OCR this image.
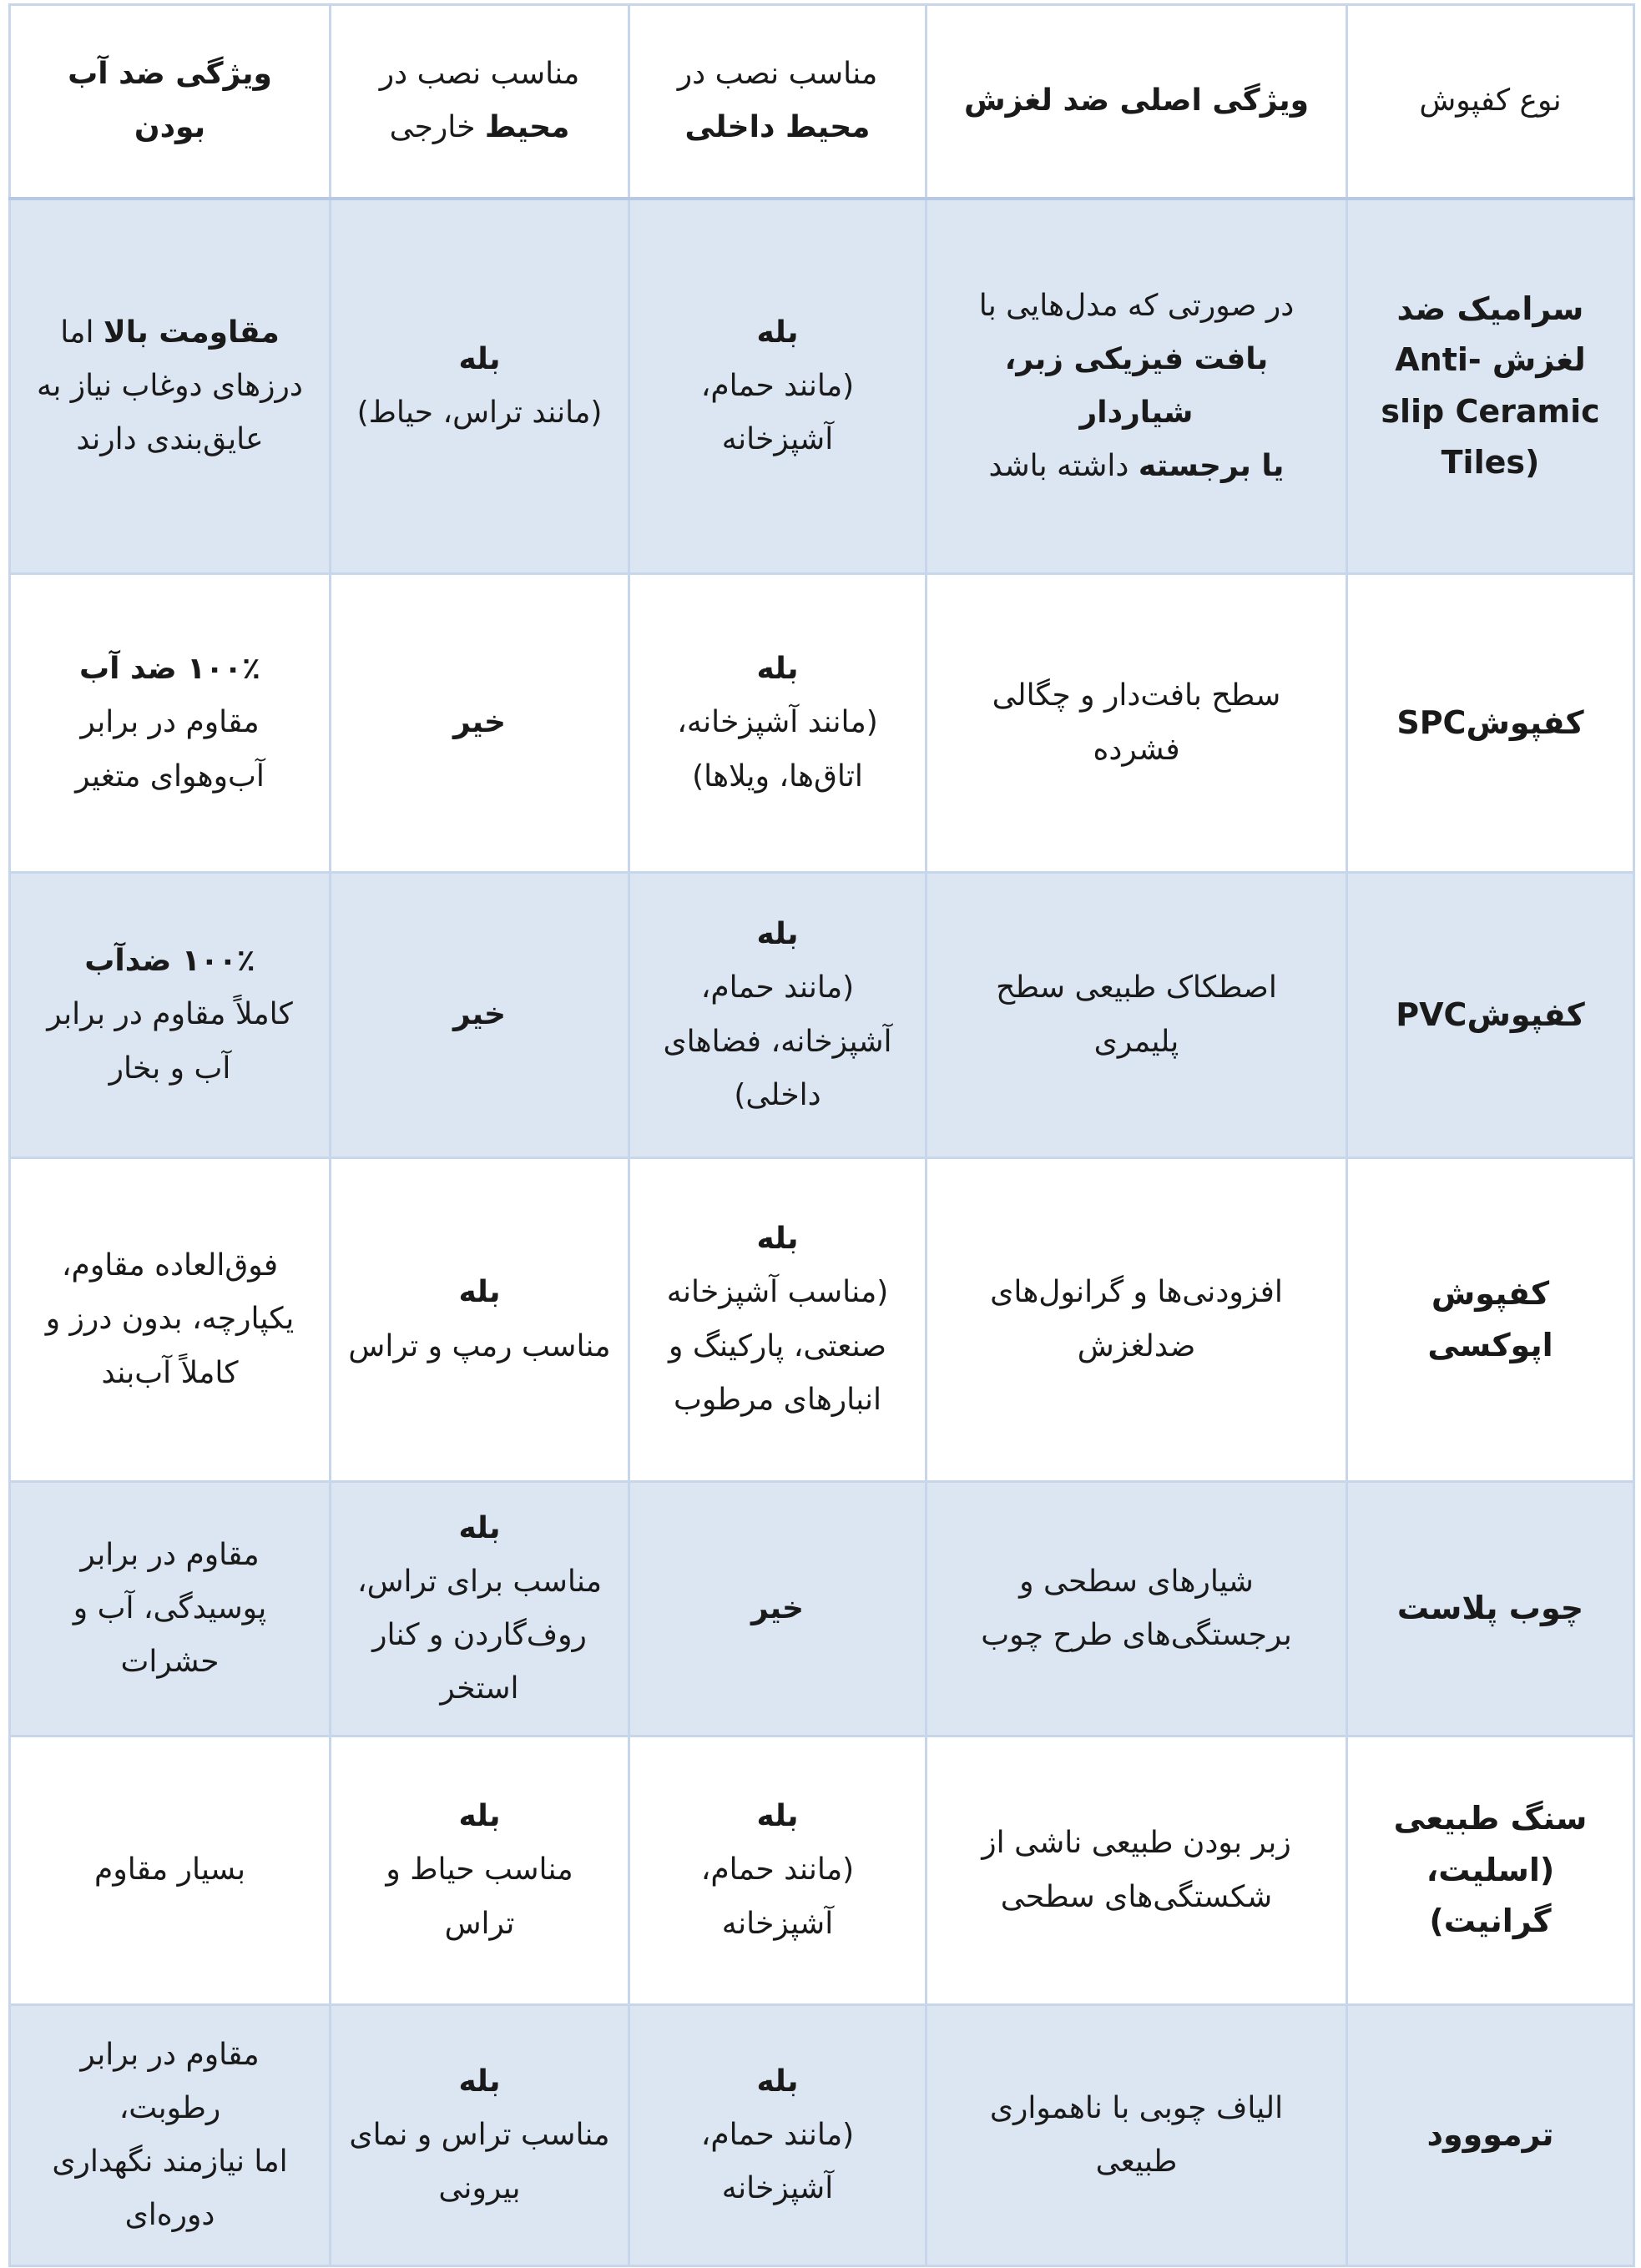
نوع کفپوش	ویژگی اصلی ضد لغزش	مناسب نصب در
محیط داخلی	مناسب نصب در
محیط خارجی	ویژگی ضد آب بودن

سرامیک ضد
لغزش -Anti
slip Ceramic
Tiles)	در صورتی که مدل‌هایی با
بافت فیزیکی زبر، شیاردار
یا برجسته داشته باشد	بله
(مانند حمام،
آشپزخانه	بله
(مانند تراس، حیاط)	مقاومت بالا اما
درزهای دوغاب نیاز به
عایق‌بندی دارند

کفپوشSPC	سطح بافت‌دار و چگالی فشرده	بله
(مانند آشپزخانه،
اتاق‌ها، ویلاها)	خیر	۱۰۰٪ ضد آب
مقاوم در برابر
آب‌وهوای متغیر

کفپوشPVC	اصطکاک طبیعی سطح
پلیمری	بله
(مانند حمام،
آشپزخانه، فضاهای
داخلی)	خیر	۱۰۰٪ ضدآب
کاملاً مقاوم در برابر
آب و بخار

کفپوش اپوکسی	افزودنی‌ها و گرانول‌های
ضدلغزش	بله
(مناسب آشپزخانه
صنعتی، پارکینگ و
انبارهای مرطوب	بله
مناسب رمپ و تراس	فوق‌العاده مقاوم،
یکپارچه، بدون درز و
کاملاً آب‌بند

چوب پلاست	شیارهای سطحی و
برجستگی‌های طرح چوب	خیر	بله
مناسب برای تراس،
روف‌گاردن و کنار
استخر	مقاوم در برابر
پوسیدگی، آب و
حشرات

سنگ طبیعی
(اسلیت، گرانیت)	زبر بودن طبیعی ناشی از
شکستگی‌های سطحی	بله
(مانند حمام،
آشپزخانه	بله
مناسب حیاط و
تراس	بسیار مقاوم

ترمووود	الیاف چوبی با ناهمواری
طبیعی	بله
(مانند حمام،
آشپزخانه	بله
مناسب تراس و نمای
بیرونی	مقاوم در برابر رطوبت،
اما نیازمند نگهداری
دوره‌ای
